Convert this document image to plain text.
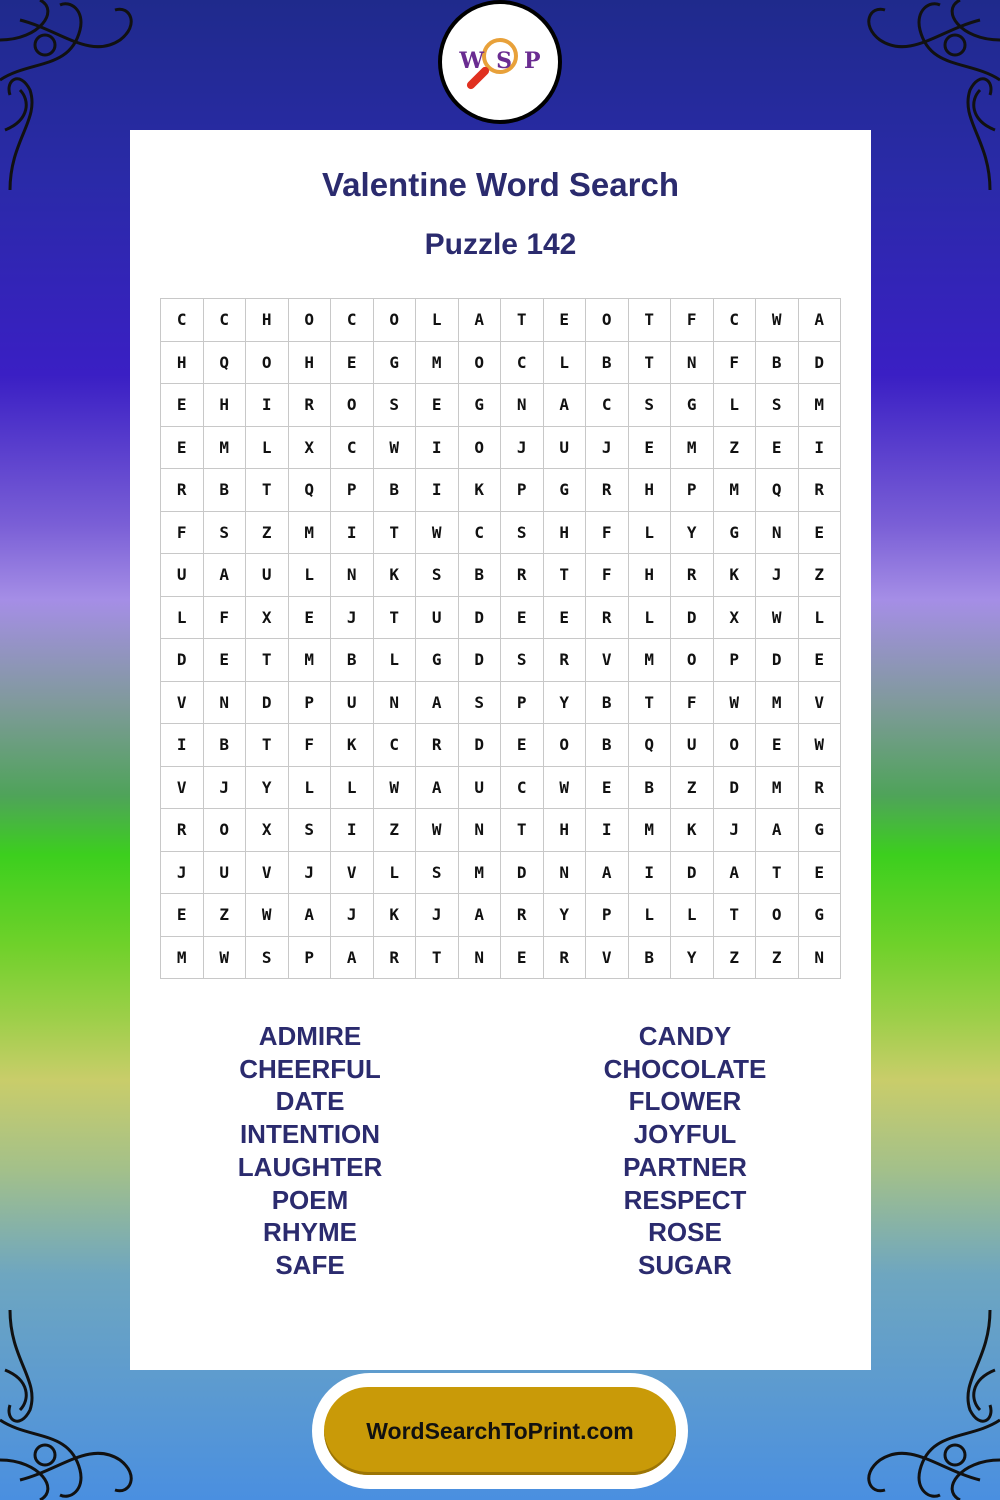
W S P
Valentine Word Search
Puzzle 142
C	C	H	O	C	O	L	A	T	E	O	T	F	C	W	A
H	Q	O	H	E	G	M	O	C	L	B	T	N	F	B	D
E	H	I	R	O	S	E	G	N	A	C	S	G	L	S	M
E	M	L	X	C	W	I	O	J	U	J	E	M	Z	E	I
R	B	T	Q	P	B	I	K	P	G	R	H	P	M	Q	R
F	S	Z	M	I	T	W	C	S	H	F	L	Y	G	N	E
U	A	U	L	N	K	S	B	R	T	F	H	R	K	J	Z
L	F	X	E	J	T	U	D	E	E	R	L	D	X	W	L
D	E	T	M	B	L	G	D	S	R	V	M	O	P	D	E
V	N	D	P	U	N	A	S	P	Y	B	T	F	W	M	V
I	B	T	F	K	C	R	D	E	O	B	Q	U	O	E	W
V	J	Y	L	L	W	A	U	C	W	E	B	Z	D	M	R
R	O	X	S	I	Z	W	N	T	H	I	M	K	J	A	G
J	U	V	J	V	L	S	M	D	N	A	I	D	A	T	E
E	Z	W	A	J	K	J	A	R	Y	P	L	L	T	O	G
M	W	S	P	A	R	T	N	E	R	V	B	Y	Z	Z	N
ADMIRE
CHEERFUL
DATE
INTENTION
LAUGHTER
POEM
RHYME
SAFE
CANDY
CHOCOLATE
FLOWER
JOYFUL
PARTNER
RESPECT
ROSE
SUGAR
WordSearchToPrint.com
